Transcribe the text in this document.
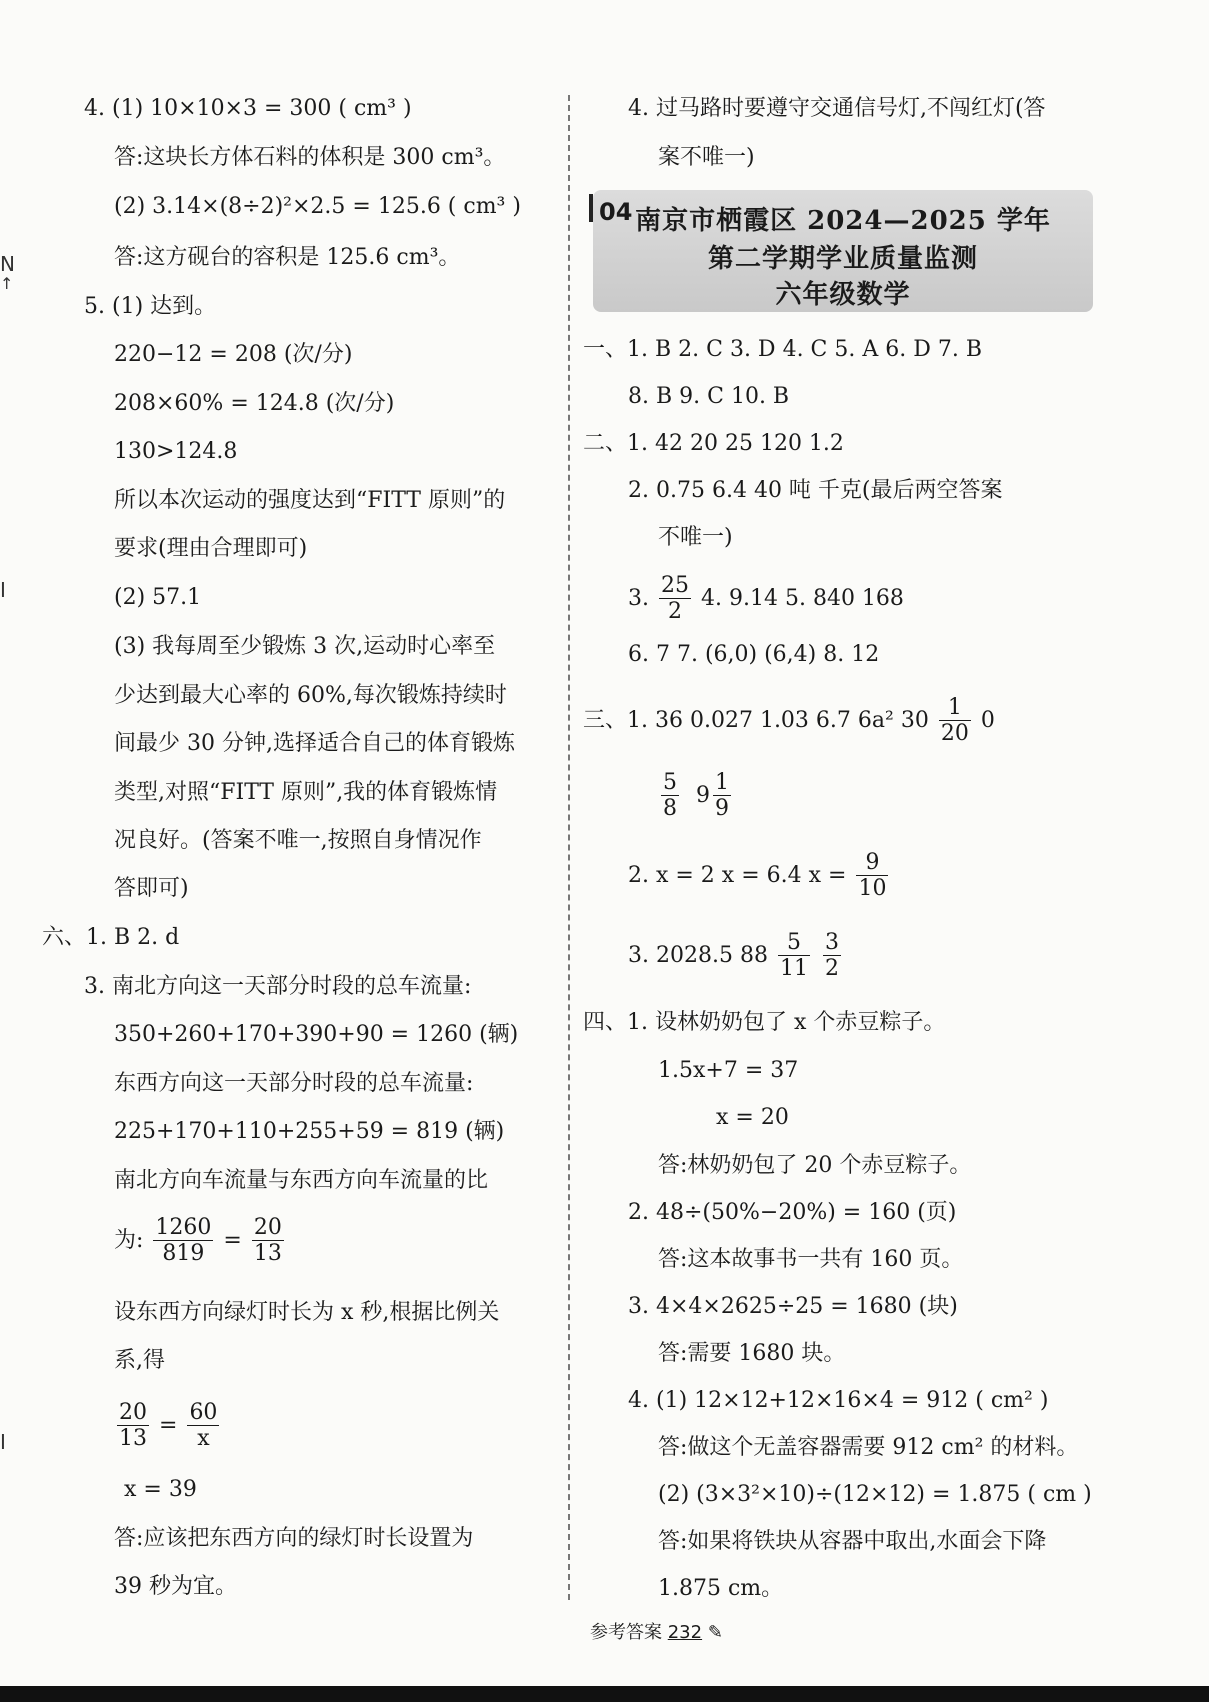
N
↑
I
I
4. (1) 10×10×3 = 300 ( cm³ )
答:这块长方体石料的体积是 300 cm³。
(2) 3.14×(8÷2)²×2.5 = 125.6 ( cm³ )
答:这方砚台的容积是 125.6 cm³。
5. (1) 达到。
220−12 = 208 (次/分)
208×60% = 124.8 (次/分)
130>124.8
所以本次运动的强度达到“FITT 原则”的
要求(理由合理即可)
(2) 57.1
(3) 我每周至少锻炼 3 次,运动时心率至
少达到最大心率的 60%,每次锻炼持续时
间最少 30 分钟,选择适合自己的体育锻炼
类型,对照“FITT 原则”,我的体育锻炼情
况良好。(答案不唯一,按照自身情况作
答即可)
六、1. B 2. d
3. 南北方向这一天部分时段的总车流量:
350+260+170+390+90 = 1260 (辆)
东西方向这一天部分时段的总车流量:
225+170+110+255+59 = 819 (辆)
南北方向车流量与东西方向车流量的比
为: $\frac{1260}{819} = \frac{20}{13}$
设东西方向绿灯时长为 x 秒,根据比例关
系,得
$\frac{20}{13} = \frac{60}{x}$
x = 39
答:应该把东西方向的绿灯时长设置为
39 秒为宜。
4. 过马路时要遵守交通信号灯,不闯红灯(答
案不唯一)
一、1. B 2. C 3. D 4. C 5. A 6. D 7. B
8. B 9. C 10. B
二、1. 42 20 25 120 1.2
2. 0.75 6.4 40 吨 千克(最后两空答案
不唯一)
3. $\frac{25}{2} 4$. 9.14 5. 840 168
6. 7 7. (6,0) (6,4) 8. 12
三、1. 36 0.027 1.03 6.7 6a² $30 \frac{1}{20} 0$
$\frac{5}{8} 9 \frac{1}{9}$
2. x = 2 x = 6.4 $x = \frac{9}{10}$
3. 2028.5 $88 \frac{5}{11}$
$\frac{3}{2}$
四、1. 设林奶奶包了 x 个赤豆粽子。
1.5x+7 = 37
x = 20
答:林奶奶包了 20 个赤豆粽子。
2. 48÷(50%−20%) = 160 (页)
答:这本故事书一共有 160 页。
3. 4×4×2625÷25 = 1680 (块)
答:需要 1680 块。
4. (1) 12×12+12×16×4 = 912 ( cm² )
答:做这个无盖容器需要 912 cm² 的材料。
(2) (3×3²×10)÷(12×12) = 1.875 ( cm )
答:如果将铁块从容器中取出,水面会下降
1.875 cm。
04 南京市栖霞区 2024—2025 学年
第二学期学业质量监测
六年级数学
参考答案 232 ✎
